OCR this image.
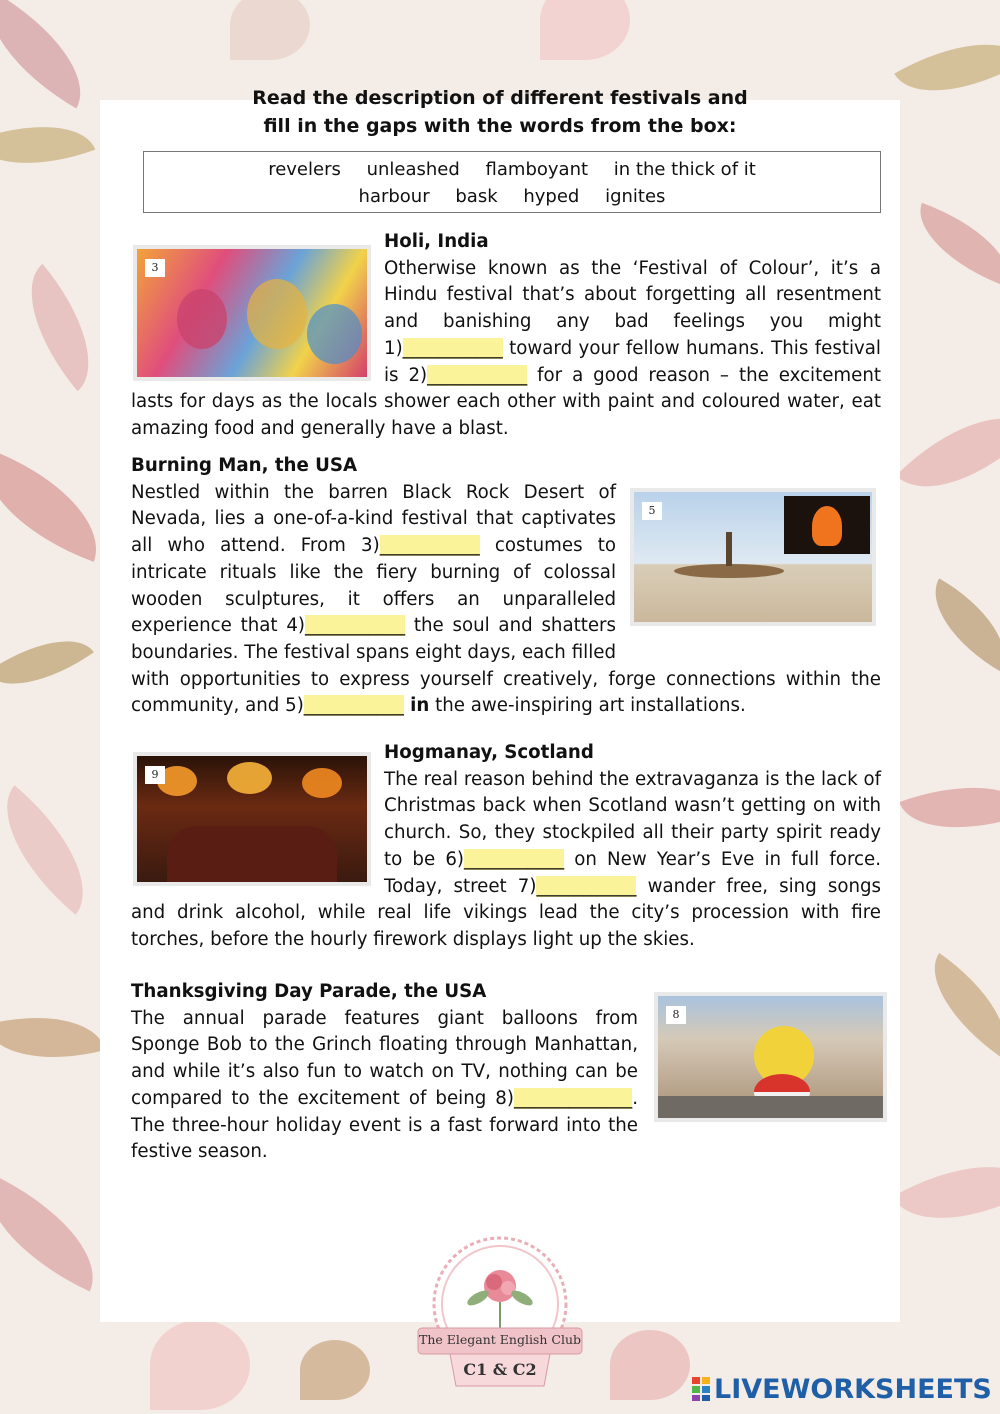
Read the description of different festivals and
fill in the gaps with the words from the box:
revelers unleashed flamboyant in the thick of it
harbour bask hyped ignites
3

Holi, India

Otherwise known as the ‘Festival of Colour’, it’s a Hindu festival that’s about forgetting all resentment and banishing any bad feelings you might 1)___________ toward your fellow humans. This festival is 2)___________ for a good reason – the excitement lasts for days as the locals shower each other with paint and coloured water, eat amazing food and generally have a blast.

5

Burning Man, the USA

Nestled within the barren Black Rock Desert of Nevada, lies a one-of-a-kind festival that captivates all who attend. From 3)___________ costumes to intricate rituals like the fiery burning of colossal wooden sculptures, it offers an unparalleled experience that 4)___________ the soul and shatters boundaries. The festival spans eight days, each filled with opportunities to express yourself creatively, forge connections within the community, and 5)___________ in the awe-inspiring art installations.

9

Hogmanay, Scotland

The real reason behind the extravaganza is the lack of Christmas back when Scotland wasn’t getting on with church. So, they stockpiled all their party spirit ready to be 6)___________ on New Year’s Eve in full force. Today, street 7)___________ wander free, sing songs and drink alcohol, while real life vikings lead the city’s procession with fire torches, before the hourly firework displays light up the skies.

8

Thanksgiving Day Parade, the USA

The annual parade features giant balloons from Sponge Bob to the Grinch floating through Manhattan, and while it’s also fun to watch on TV, nothing can be compared to the excitement of being 8)_____________. The three-hour holiday event is a fast forward into the festive season.

The Elegant English Club
C1 & C2
LIVEWORKSHEETS
